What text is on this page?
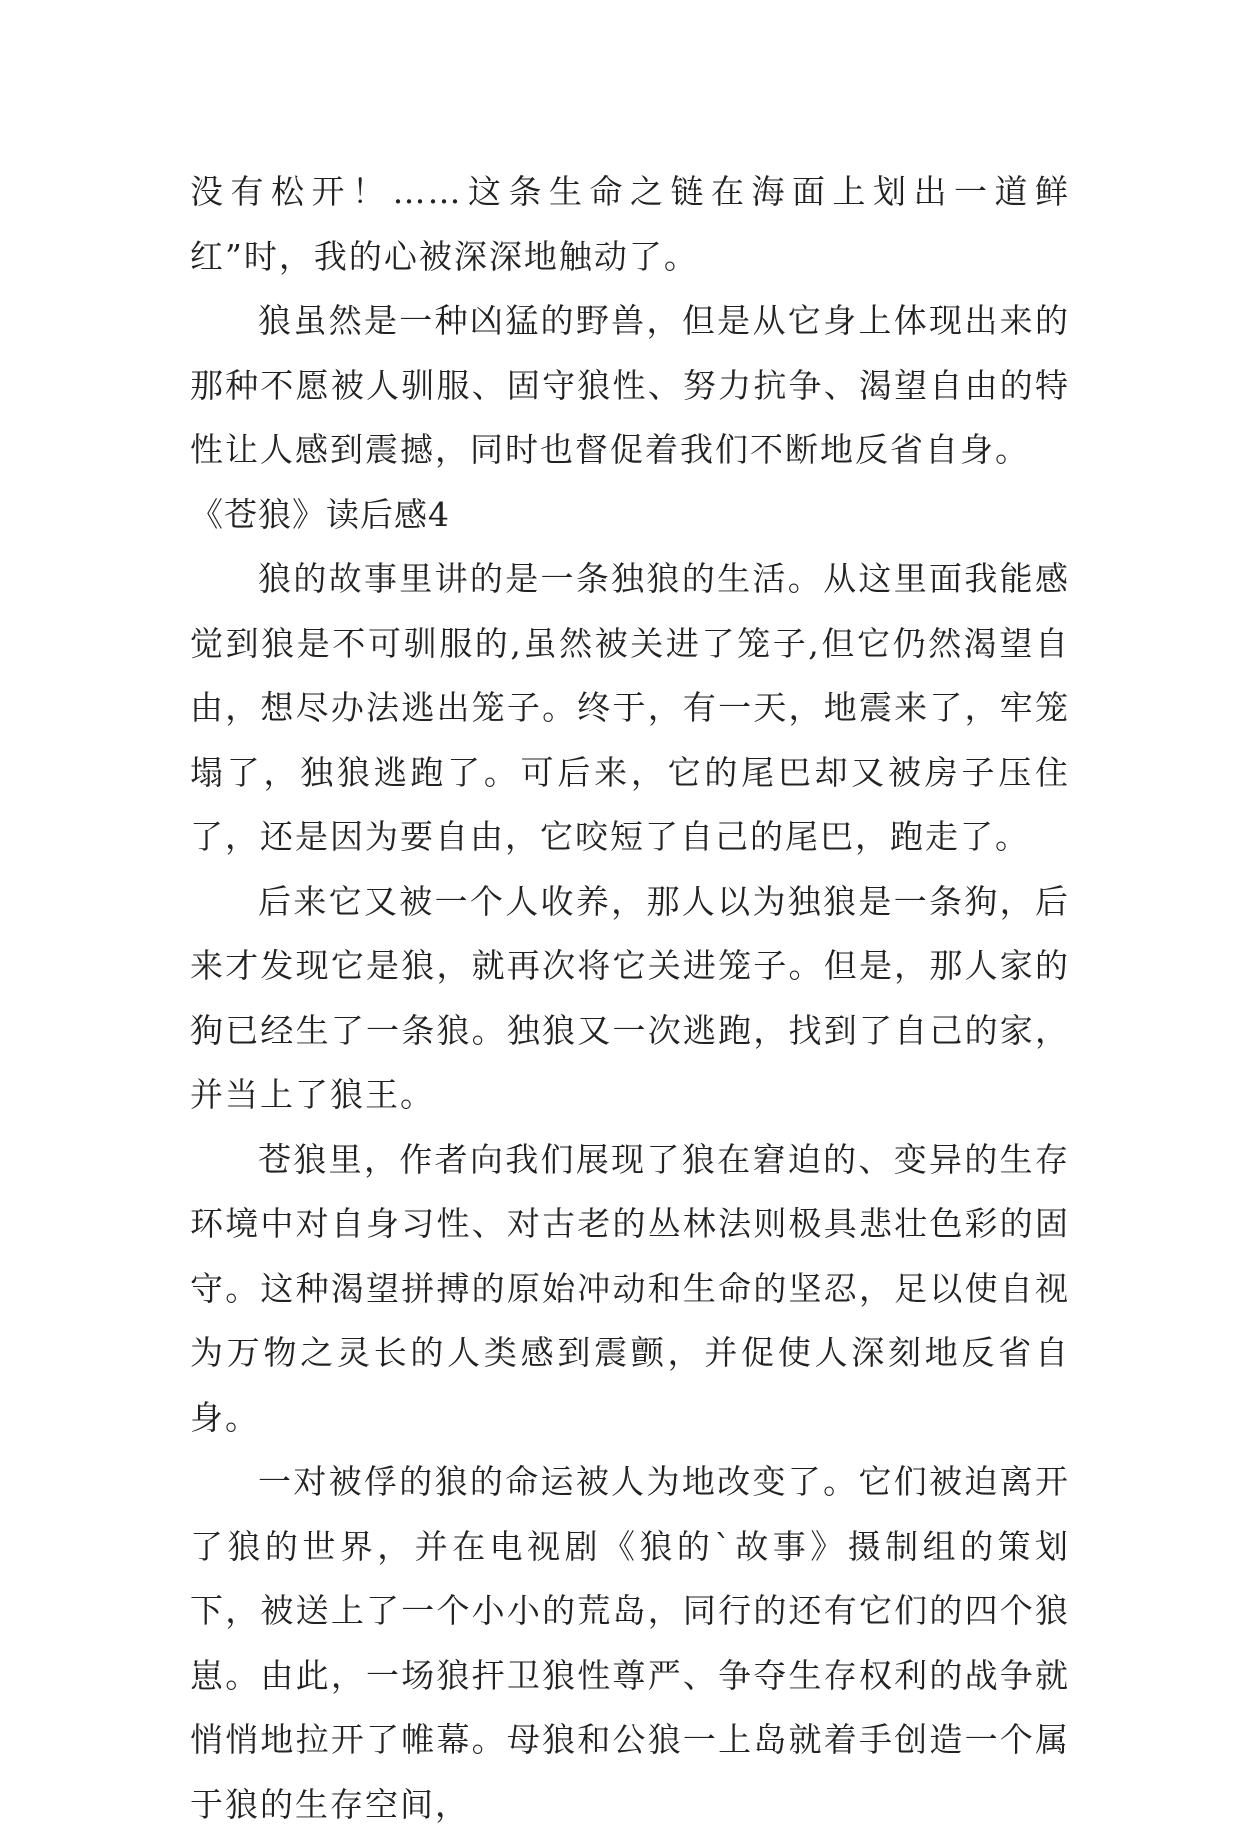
没有松开！……这条生命之链在海面上划出一道鲜红”时，我的心被深深地触动了。

狼虽然是一种凶猛的野兽，但是从它身上体现出来的那种不愿被人驯服、固守狼性、努力抗争、渴望自由的特性让人感到震撼，同时也督促着我们不断地反省自身。

《苍狼》读后感4

狼的故事里讲的是一条独狼的生活。从这里面我能感觉到狼是不可驯服的,虽然被关进了笼子,但它仍然渴望自由，想尽办法逃出笼子。终于，有一天，地震来了，牢笼塌了，独狼逃跑了。可后来，它的尾巴却又被房子压住了，还是因为要自由，它咬短了自己的尾巴，跑走了。

后来它又被一个人收养，那人以为独狼是一条狗，后来才发现它是狼，就再次将它关进笼子。但是，那人家的狗已经生了一条狼。独狼又一次逃跑，找到了自己的家，并当上了狼王。

苍狼里，作者向我们展现了狼在窘迫的、变异的生存环境中对自身习性、对古老的丛林法则极具悲壮色彩的固守。这种渴望拼搏的原始冲动和生命的坚忍，足以使自视为万物之灵长的人类感到震颤，并促使人深刻地反省自身。

一对被俘的狼的命运被人为地改变了。它们被迫离开了狼的世界，并在电视剧《狼的`故事》摄制组的策划下，被送上了一个小小的荒岛，同行的还有它们的四个狼崽。由此，一场狼扞卫狼性尊严、争夺生存权利的战争就悄悄地拉开了帷幕。母狼和公狼一上岛就着手创造一个属于狼的生存空间，
